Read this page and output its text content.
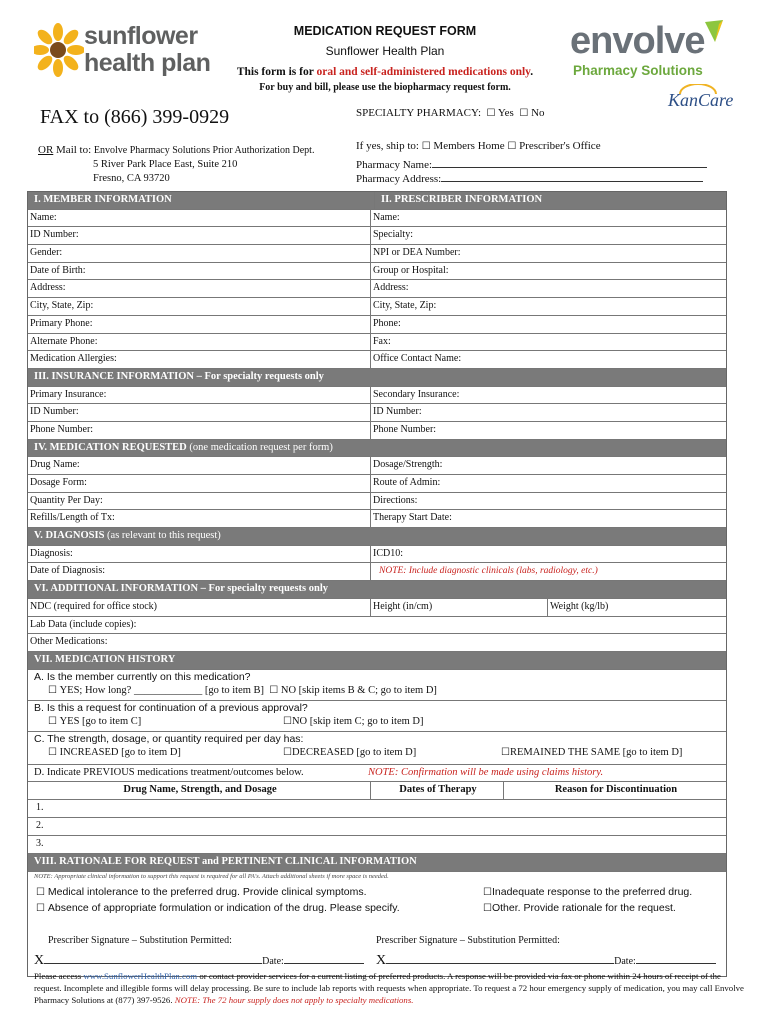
sunflower
health plan
MEDICATION REQUEST FORM
Sunflower Health Plan
This form is for oral and self-administered medications only.
For buy and bill, please use the biopharmacy request form.
envolve
Pharmacy Solutions
KanCare
FAX to (866) 399-0929	SPECIALTY PHARMACY: ☐ Yes ☐ No
OR Mail to: Envolve Pharmacy Solutions Prior Authorization Dept.
5 River Park Place East, Suite 210
Fresno, CA 93720
If yes, ship to: ☐ Members Home ☐ Prescriber's Office
Pharmacy Name:
Pharmacy Address:
I. MEMBER INFORMATION	II. PRESCRIBER INFORMATION
Name:	Name:
ID Number:	Specialty:
Gender:	NPI or DEA Number:
Date of Birth:	Group or Hospital:
Address:	Address:
City, State, Zip:	City, State, Zip:
Primary Phone:	Phone:
Alternate Phone:	Fax:
Medication Allergies:	Office Contact Name:
III. INSURANCE INFORMATION – For specialty requests only
Primary Insurance:	Secondary Insurance:
ID Number:	ID Number:
Phone Number:	Phone Number:
IV. MEDICATION REQUESTED (one medication request per form)
Drug Name:	Dosage/Strength:
Dosage Form:	Route of Admin:
Quantity Per Day:	Directions:
Refills/Length of Tx:	Therapy Start Date:
V. DIAGNOSIS (as relevant to this request)
Diagnosis:	ICD10:
Date of Diagnosis:	NOTE: Include diagnostic clinicals (labs, radiology, etc.)
VI. ADDITIONAL INFORMATION – For specialty requests only
NDC (required for office stock)	Height (in/cm)	Weight (kg/lb)
Lab Data (include copies):
Other Medications:
VII. MEDICATION HISTORY
A. Is the member currently on this medication?
☐
YES; How long? _____________ [go to item B]
☐
NO [skip items B & C; go to item D]
B. Is this a request for continuation of a previous approval?
☐ YES [go to item C]	☐ NO [skip item C; go to item D]
C. The strength, dosage, or quantity required per day has:
☐ INCREASED [go to item D]	☐DECREASED [go to item D]	☐ REMAINED THE SAME [go to item D]
D. Indicate PREVIOUS medications treatment/outcomes below.	NOTE: Confirmation will be made using claims history.
Drug Name, Strength, and Dosage	Dates of Therapy	Reason for Discontinuation
1.
2.
3.
VIII. RATIONALE FOR REQUEST and PERTINENT CLINICAL INFORMATION
NOTE: Appropriate clinical information to support this request is required for all PA's. Attach additional sheets if more space is needed.
☐ Medical intolerance to the preferred drug. Provide clinical symptoms.	☐Inadequate response to the preferred drug.
☐ Absence of appropriate formulation or indication of the drug. Please specify.	☐Other. Provide rationale for the request.
Prescriber Signature – Substitution Permitted:	Prescriber Signature – Substitution Permitted:
X	Date:	X	Date:
Please access www.SunflowerHealthPlan.com or contact provider services for a current listing of preferred products. A response will be provided via fax or phone within 24 hours of receipt of the request. Incomplete and illegible forms will delay processing. Be sure to include lab reports with requests when appropriate. To request a 72 hour emergency supply of medication, you may call Envolve Pharmacy Solutions at (877) 397-9526. NOTE: The 72 hour supply does not apply to specialty medications.
